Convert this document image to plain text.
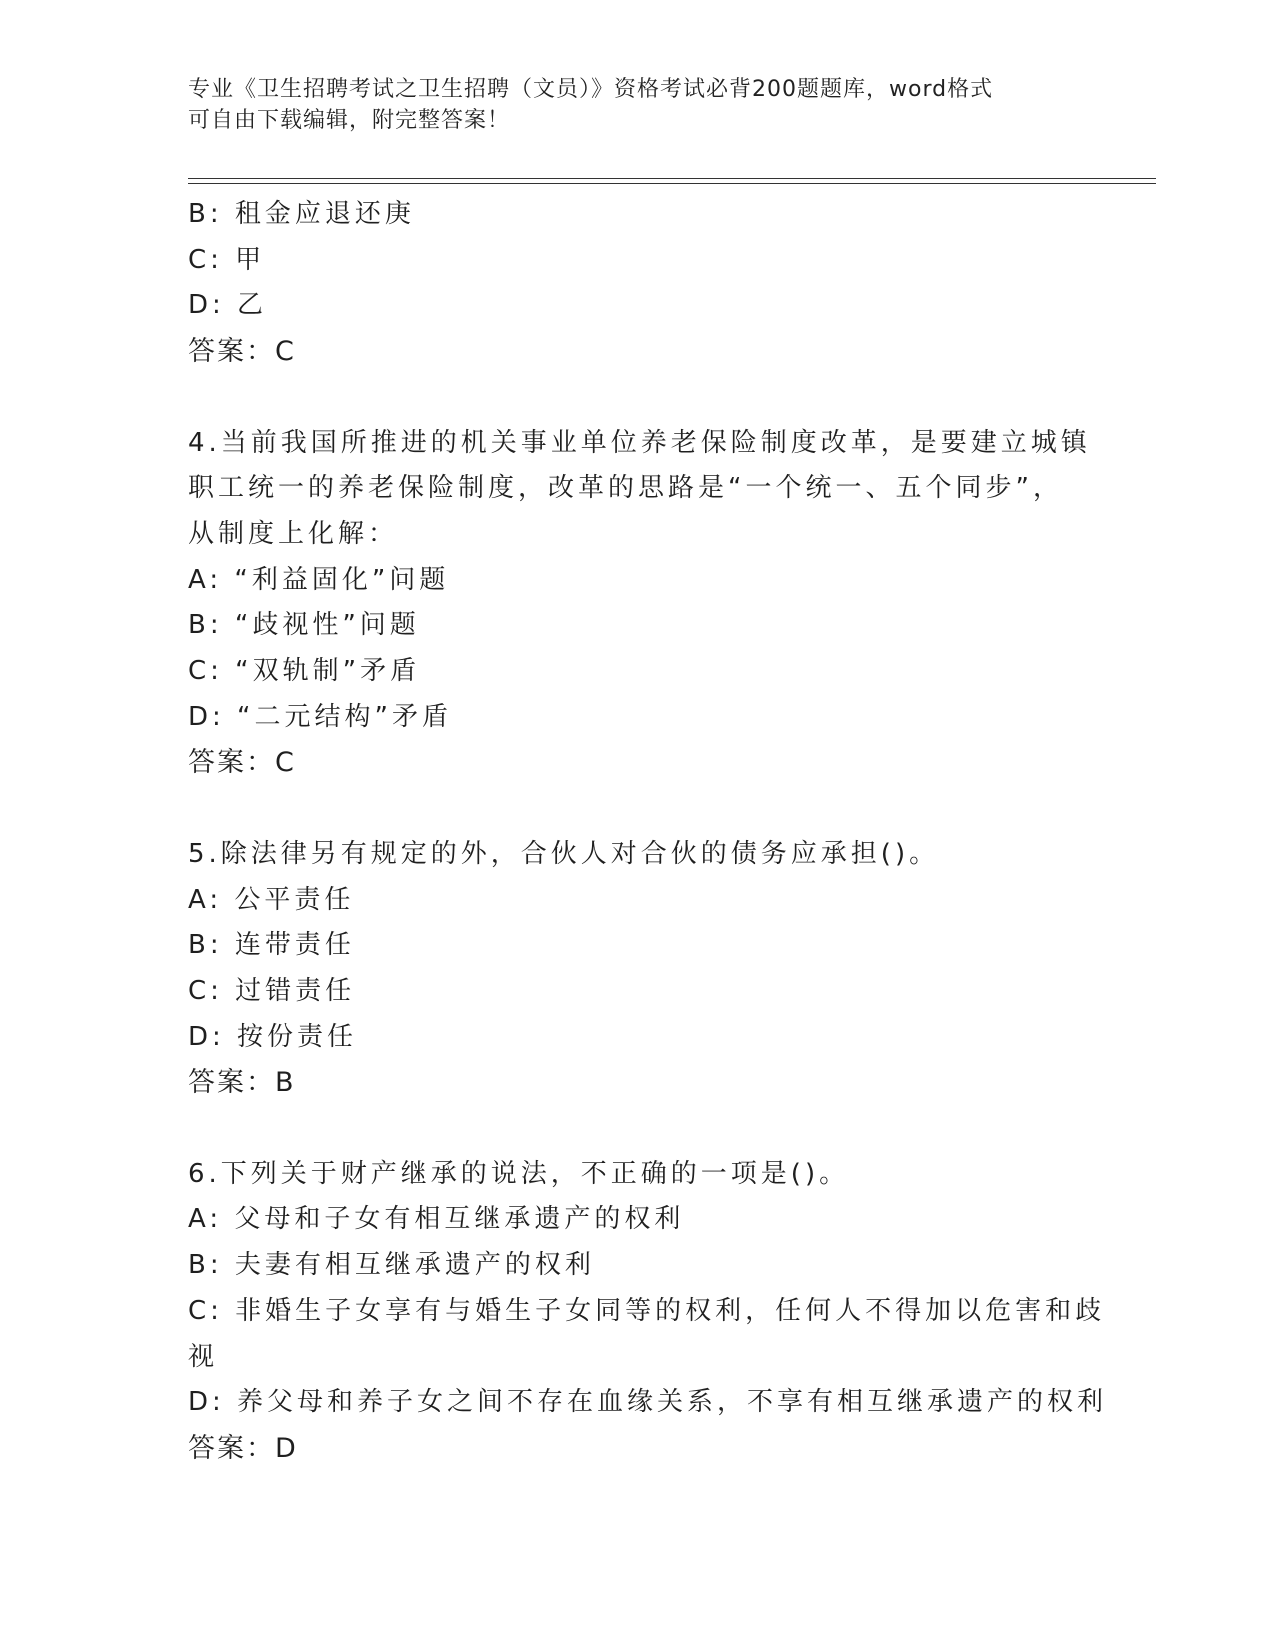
专业《卫生招聘考试之卫生招聘（文员）》资格考试必背200题题库，word格式
可自由下载编辑，附完整答案！
B: 租金应退还庚
C: 甲
D: 乙
答案：C
4.当前我国所推进的机关事业单位养老保险制度改革，是要建立城镇
职工统一的养老保险制度，改革的思路是“一个统一、五个同步”，
从制度上化解：
A: “利益固化”问题
B: “歧视性”问题
C: “双轨制”矛盾
D: “二元结构”矛盾
答案：C
5.除法律另有规定的外，合伙人对合伙的债务应承担()。
A: 公平责任
B: 连带责任
C: 过错责任
D: 按份责任
答案：B
6.下列关于财产继承的说法，不正确的一项是()。
A: 父母和子女有相互继承遗产的权利
B: 夫妻有相互继承遗产的权利
C: 非婚生子女享有与婚生子女同等的权利，任何人不得加以危害和歧
视
D: 养父母和养子女之间不存在血缘关系，不享有相互继承遗产的权利
答案：D
